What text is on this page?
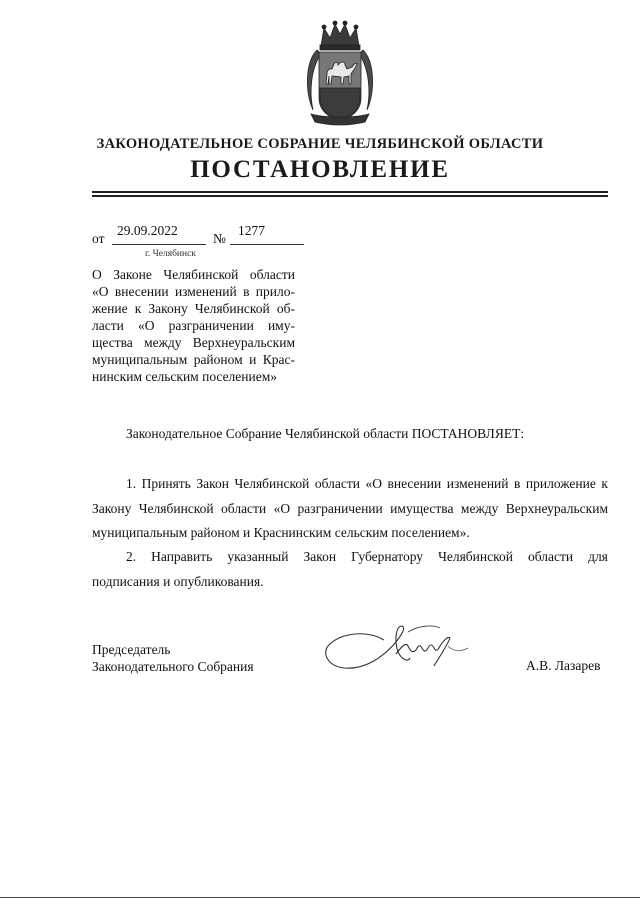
ЗАКОНОДАТЕЛЬНОЕ СОБРАНИЕ ЧЕЛЯБИНСКОЙ ОБЛАСТИ
ПОСТАНОВЛЕНИЕ
от
29.09.2022
№
1277
г. Челябинск
О Законе Челябинской области
«О внесении изменений в прило-
жение к Закону Челябинской об-
ласти «О разграничении иму-
щества между Верхнеуральским
муниципальным районом и Крас-
нинским сельским поселением»
Законодательное Собрание Челябинской области ПОСТАНОВЛЯЕТ:
1. Принять Закон Челябинской области «О внесении изменений в приложение к
Закону Челябинской области «О разграничении имущества между Верхнеуральским
муниципальным районом и Краснинским сельским поселением».
2. Направить указанный Закон Губернатору Челябинской области для
подписания и опубликования.
Председатель
Законодательного Собрания	А.В. Лазарев
